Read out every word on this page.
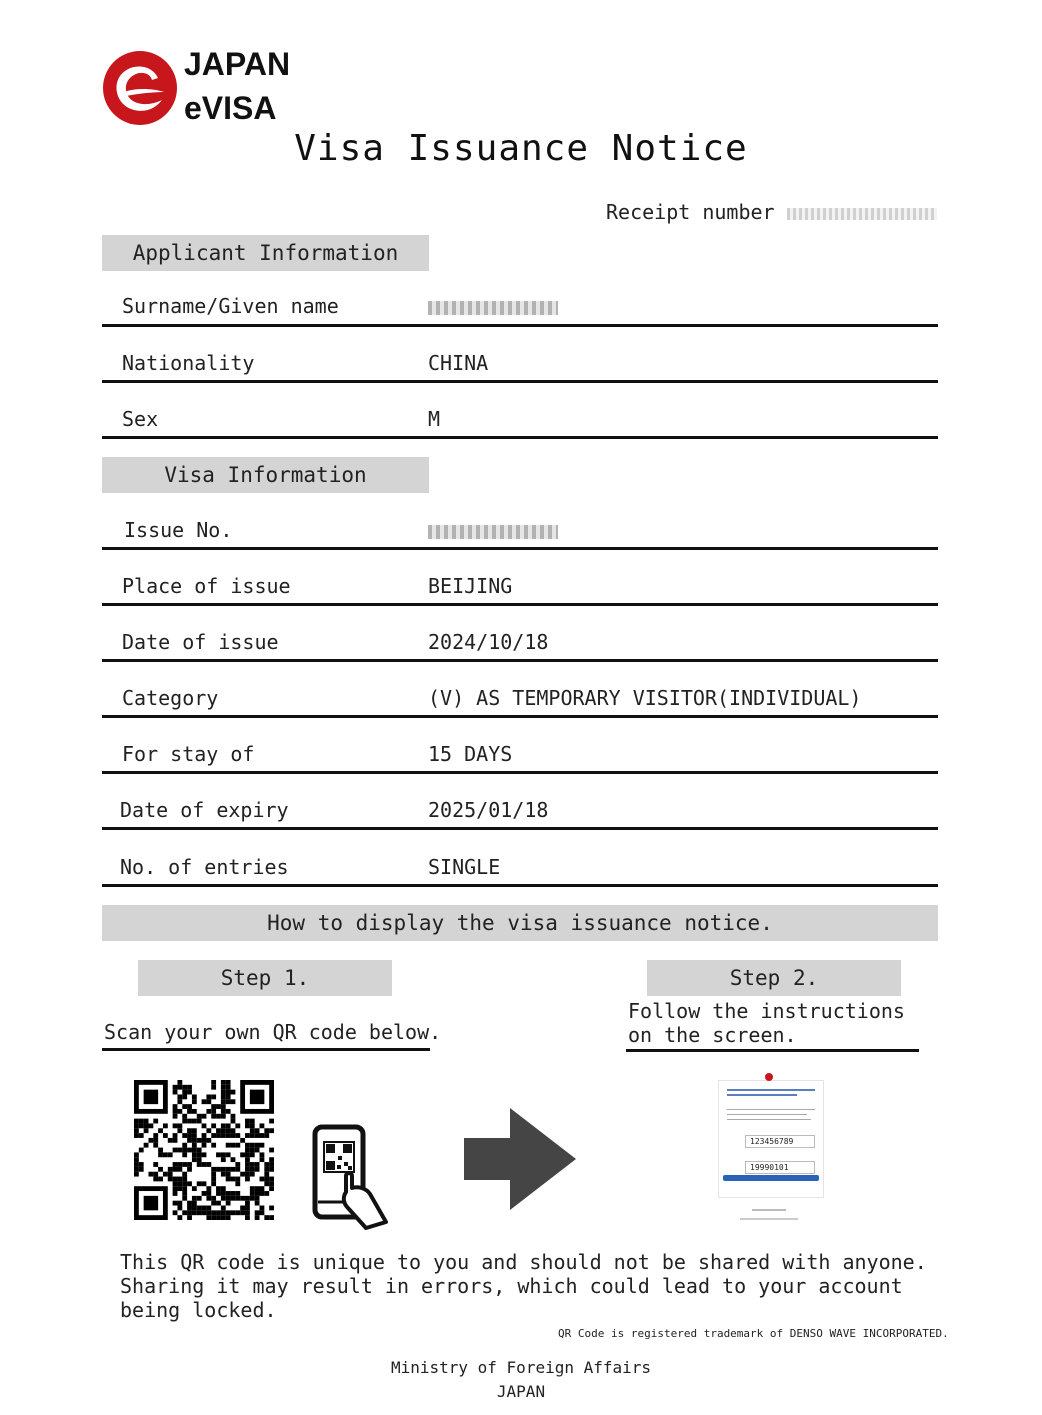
JAPAN
eVISA
Visa Issuance Notice
Receipt number
Applicant Information
Surname/Given name
Nationality	CHINA
Sex	M
Visa Information
Issue No.
Place of issue	BEIJING
Date of issue	2024/10/18
Category	(V) AS TEMPORARY VISITOR(INDIVIDUAL)
For stay of	15 DAYS
Date of expiry	2025/01/18
No. of entries	SINGLE
How to display the visa issuance notice.
Step 1.
Scan your own QR code below.
Step 2.
Follow the instructions
on the screen.
123456789
19990101
This QR code is unique to you and should not be shared with anyone.
Sharing it may result in errors, which could lead to your account
being locked.
QR Code is registered trademark of DENSO WAVE INCORPORATED.
Ministry of Foreign Affairs
JAPAN
